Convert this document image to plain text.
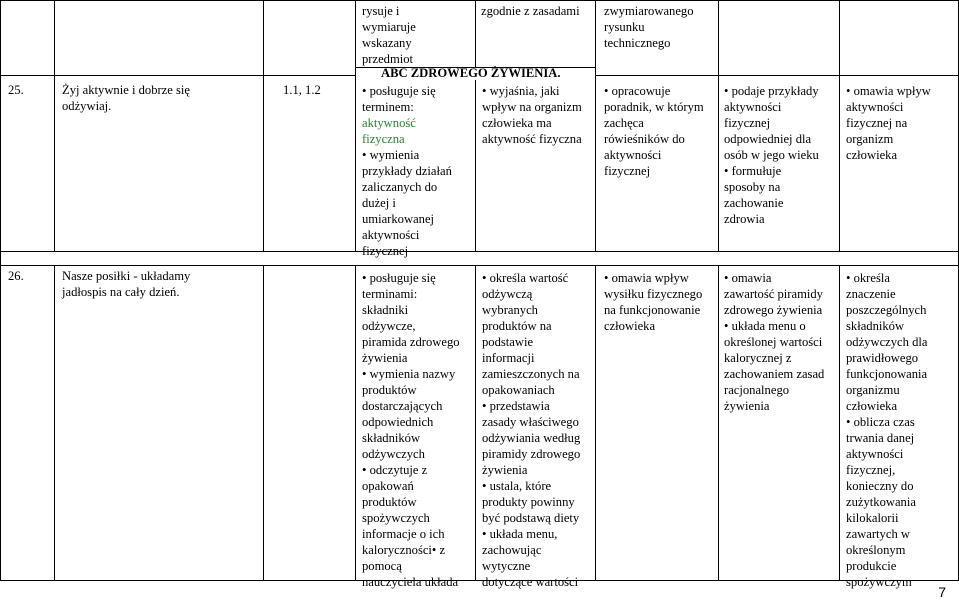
rysuje i
wymiaruje
wskazany
przedmiot
zgodnie z zasadami zwymiarowanego
rysunku
technicznego
ABC ZDROWEGO ŻYWIENIA.
25.	Żyj aktywnie i dobrze się
odżywiaj.
1.1, 1.2
•	posługuje się
terminem:
aktywność
fizyczna
• wymienia
przykłady działań
zaliczanych do
dużej i
umiarkowanej
aktywności
fizycznej
• wyjaśnia, jaki
wpływ na organizm
człowieka ma
aktywność fizyczna
• opracowuje
poradnik, w którym
zachęca
rówieśników do
aktywności
fizycznej
• podaje przykłady
aktywności
fizycznej
odpowiedniej dla
osób w jego wieku
• formułuje
sposoby na
zachowanie
zdrowia
• omawia wpływ
aktywności
fizycznej na
organizm
człowieka
26.	Nasze posiłki - układamy
jadłospis na cały dzień.
• posługuje się
terminami:
składniki
odżywcze,
piramida zdrowego
żywienia
• wymienia nazwy
produktów
dostarczających
odpowiednich
składników
odżywczych
• odczytuje z
opakowań
produktów
spożywczych
informacje o ich
kaloryczności• z
pomocą
nauczyciela układa
• określa wartość
odżywczą
wybranych
produktów na
podstawie
informacji
zamieszczonych na
opakowaniach
• przedstawia
zasady właściwego
odżywiania według
piramidy zdrowego
żywienia
• ustala, które
produkty powinny
być podstawą diety
• układa menu,
zachowując
wytyczne
dotyczące wartości
• omawia wpływ
wysiłku fizycznego
na funkcjonowanie
człowieka
• omawia
zawartość piramidy
zdrowego żywienia
• układa menu o
określonej wartości
kalorycznej z
zachowaniem zasad
racjonalnego
żywienia
• określa
znaczenie
poszczególnych
składników
odżywczych dla
prawidłowego
funkcjonowania
organizmu
człowieka
• oblicza czas
trwania danej
aktywności
fizycznej,
konieczny do
zużytkowania
kilokalorii
zawartych w
określonym
produkcie
spożywczym
7
